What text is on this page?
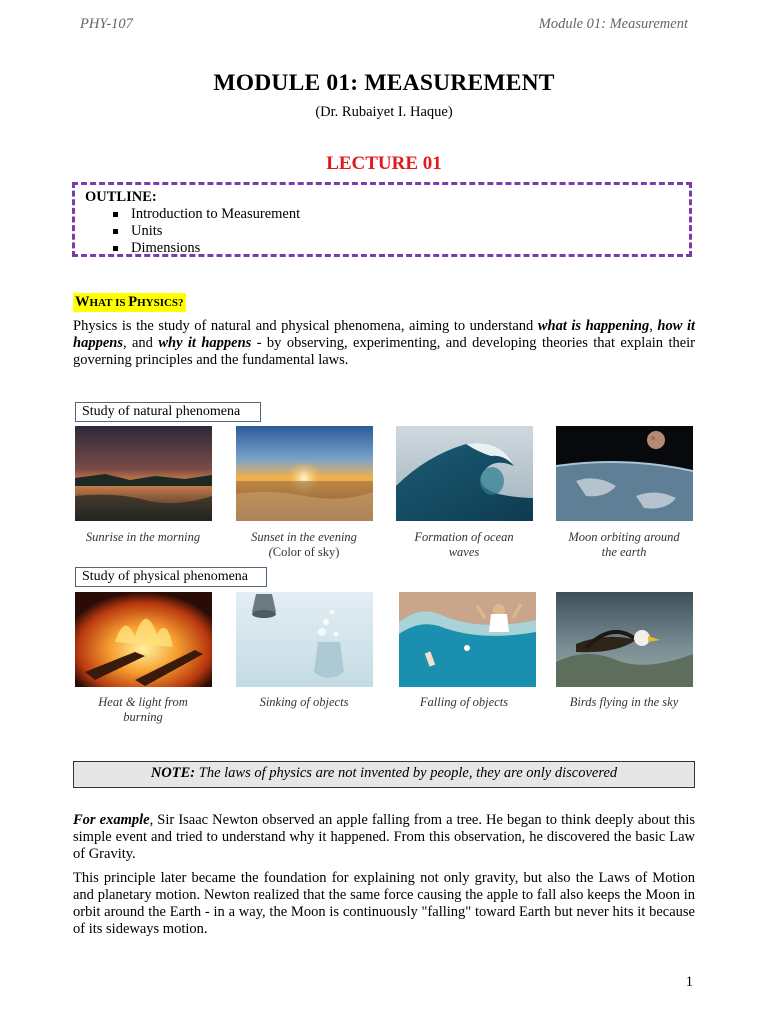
PHY-107	Module 01: Measurement
MODULE 01: MEASUREMENT
(Dr. Rubaiyet I. Haque)
LECTURE 01
OUTLINE:
Introduction to Measurement
Units
Dimensions
WHAT IS PHYSICS?
Physics is the study of natural and physical phenomena, aiming to understand what is happening, how it happens, and why it happens - by observing, experimenting, and developing theories that explain their governing principles and the fundamental laws.
Study of natural phenomena
Sunrise in the morning	Sunset in the evening
(Color of sky)
Formation of ocean
waves
Moon orbiting around
the earth
Study of physical phenomena
Heat & light from
burning
Sinking of objects	Falling of objects	Birds flying in the sky
NOTE: The laws of physics are not invented by people, they are only discovered
For example, Sir Isaac Newton observed an apple falling from a tree. He began to think deeply about this simple event and tried to understand why it happened. From this observation, he discovered the basic Law of Gravity.
This principle later became the foundation for explaining not only gravity, but also the Laws of Motion and planetary motion. Newton realized that the same force causing the apple to fall also keeps the Moon in orbit around the Earth - in a way, the Moon is continuously "falling" toward Earth but never hits it because of its sideways motion.
1
